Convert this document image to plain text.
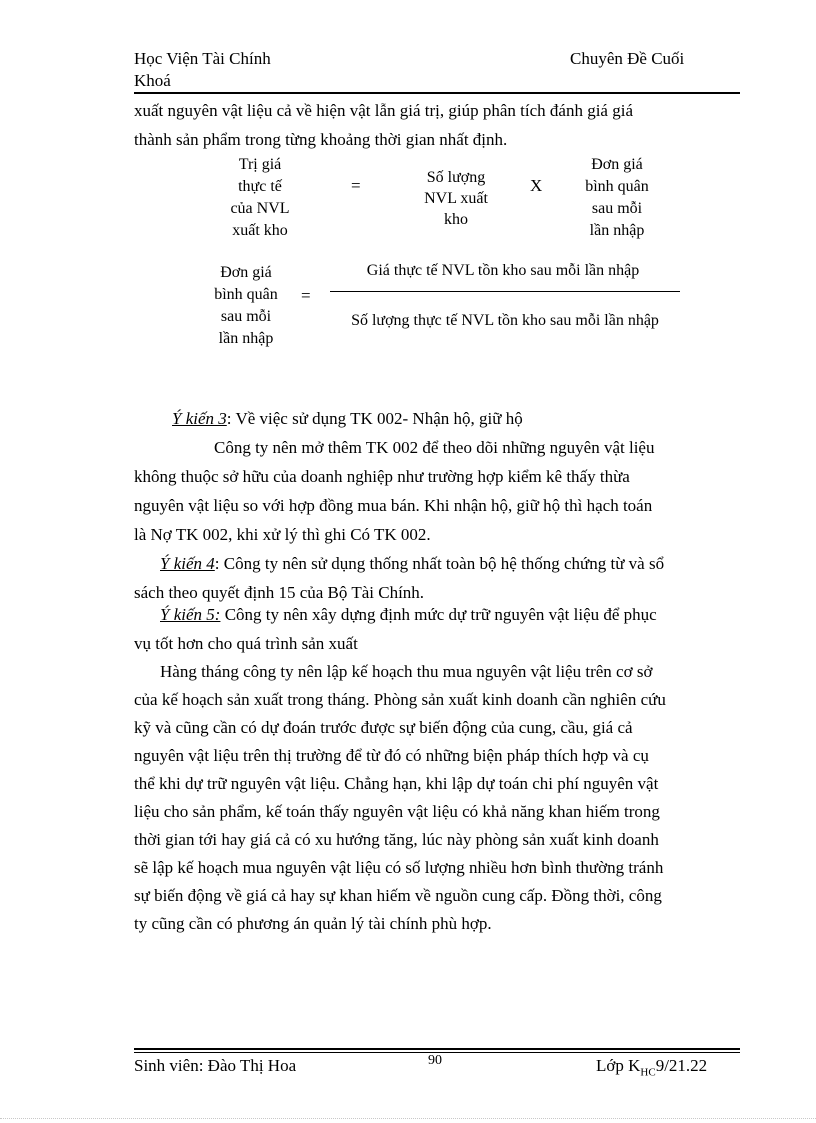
Học Viện Tài Chính
Khoá
Chuyên Đề Cuối
xuất nguyên vật liệu cả về hiện vật lẫn giá trị, giúp phân tích đánh giá giá
thành sản phẩm trong từng khoảng thời gian nhất định.
Trị giá
thực tế
của NVL
xuất kho
=	Số lượng
NVL xuất
kho
X
Đơn giá
bình quân
sau mỗi
lần nhập
Đơn giá
bình quân
sau mỗi
lần nhập
=
Giá thực tế NVL tồn kho sau mỗi lần nhập
Số lượng thực tế NVL tồn kho sau mỗi lần nhập
Ý kiến 3: Về việc sử dụng TK 002- Nhận hộ, giữ hộ
Công ty nên mở thêm TK 002 để theo dõi những nguyên vật liệu
không thuộc sở hữu của doanh nghiệp như trường hợp kiểm kê thấy thừa
nguyên vật liệu so với hợp đồng mua bán. Khi nhận hộ, giữ hộ thì hạch toán
là Nợ TK 002, khi xử lý thì ghi Có TK 002.
Ý kiến 4: Công ty nên sử dụng thống nhất toàn bộ hệ thống chứng từ và sổ
sách theo quyết định 15 của Bộ Tài Chính.
Ý kiến 5: Công ty nên xây dựng định mức dự trữ nguyên vật liệu để phục
vụ tốt hơn cho quá trình sản xuất
Hàng tháng công ty nên lập kế hoạch thu mua nguyên vật liệu trên cơ sở
của kế hoạch sản xuất trong tháng. Phòng sản xuất kinh doanh cần nghiên cứu
kỹ và cũng cần có dự đoán trước được sự biến động của cung, cầu, giá cả
nguyên vật liệu trên thị trường để từ đó có những biện pháp thích hợp và cụ
thể khi dự trữ nguyên vật liệu. Chẳng hạn, khi lập dự toán chi phí nguyên vật
liệu cho sản phẩm, kế toán thấy nguyên vật liệu có khả năng khan hiếm trong
thời gian tới hay giá cả có xu hướng tăng, lúc này phòng sản xuất kinh doanh
sẽ lập kế hoạch mua nguyên vật liệu có số lượng nhiều hơn bình thường tránh
sự biến động về giá cả hay sự khan hiếm về nguồn cung cấp. Đồng thời, công
ty cũng cần có phương án quản lý tài chính phù hợp.
Sinh viên: Đào Thị Hoa	90	Lớp $K_{HC}9/21.22$
